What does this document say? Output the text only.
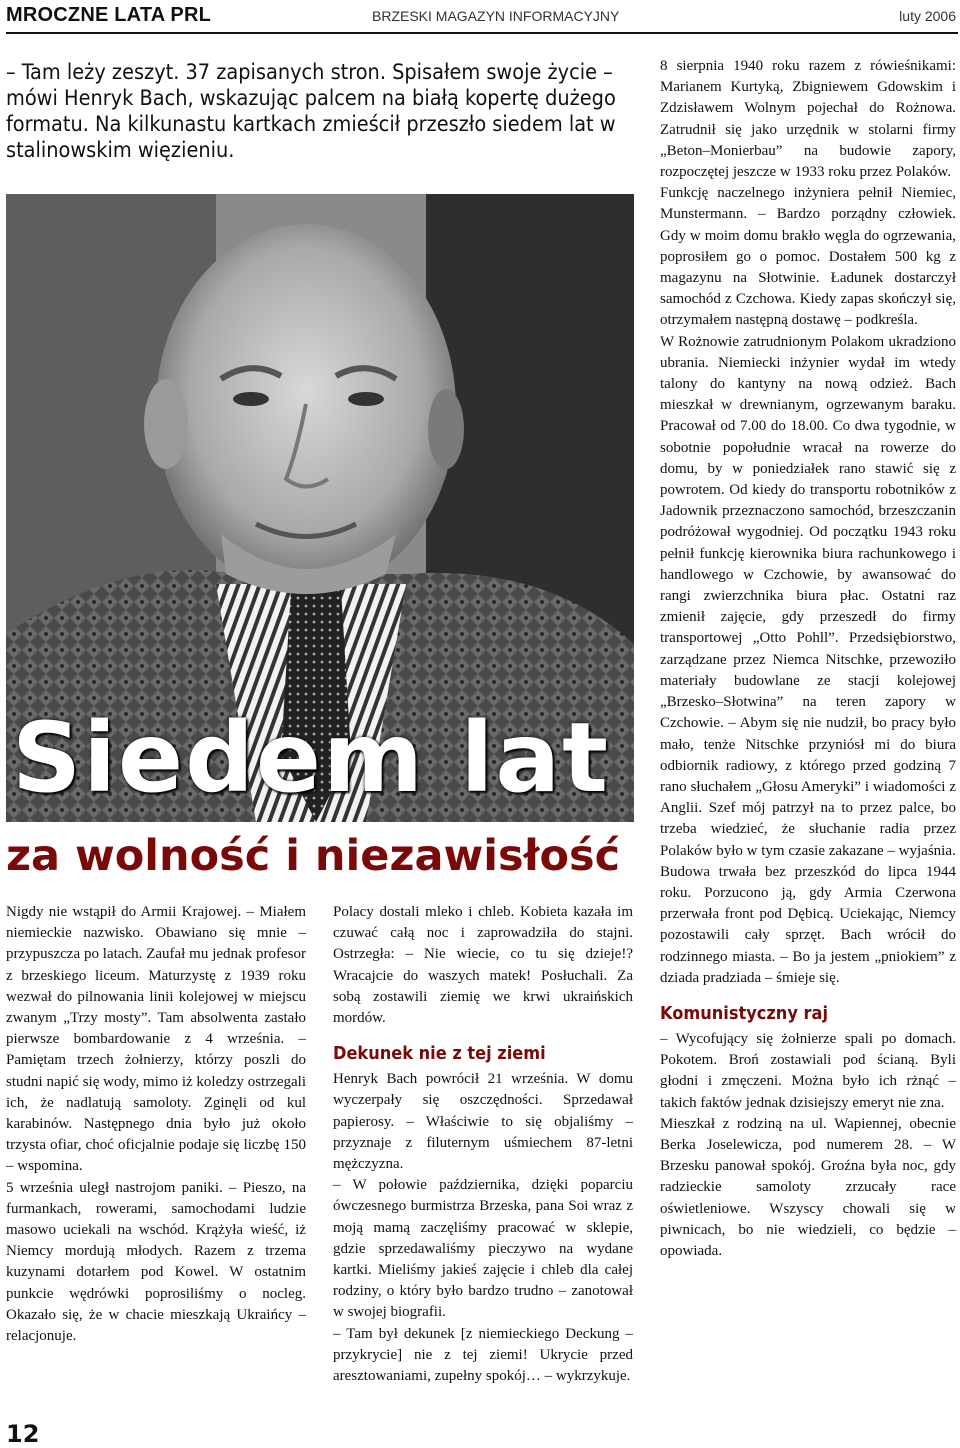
MROCZNE LATA PRL	BRZESKI MAGAZYN INFORMACYJNY	luty 2006
– Tam leży zeszyt. 37 zapisanych stron. Spisałem swoje życie – mówi Henryk Bach, wskazując palcem na białą kopertę dużego formatu. Na kilkunastu kartkach zmieścił przeszło siedem lat w stalinowskim więzieniu.
Siedem lat
za wolność i niezawisłość

Nigdy nie wstąpił do Armii Krajowej. – Miałem niemieckie nazwisko. Obawiano się mnie – przypuszcza po latach. Zaufał mu jednak profesor z brzeskiego liceum. Maturzystę z 1939 roku wezwał do pilnowania linii kolejowej w miejscu zwanym „Trzy mosty”. Tam absolwenta zastało pierwsze bombardowanie z 4 września. – Pamiętam trzech żołnierzy, którzy poszli do studni napić się wody, mimo iż koledzy ostrzegali ich, że nadlatują samoloty. Zginęli od kul karabinów. Następnego dnia było już około trzysta ofiar, choć oficjalnie podaje się liczbę 150 – wspomina.

5 września uległ nastrojom paniki. – Pieszo, na furmankach, rowerami, samochodami ludzie masowo uciekali na wschód. Krążyła wieść, iż Niemcy mordują młodych. Razem z trzema kuzynami dotarłem pod Kowel. W ostatnim punkcie wędrówki poprosiliśmy o nocleg. Okazało się, że w chacie mieszkają Ukraińcy – relacjonuje.

Polacy dostali mleko i chleb. Kobieta kazała im czuwać całą noc i zaprowadziła do stajni. Ostrzegła: – Nie wiecie, co tu się dzieje!? Wracajcie do waszych matek! Posłuchali. Za sobą zostawili ziemię we krwi ukraińskich mordów.

Dekunek nie z tej ziemi

Henryk Bach powrócił 21 września. W domu wyczerpały się oszczędności. Sprzedawał papierosy. – Właściwie to się objaliśmy – przyznaje z filuternym uśmiechem 87-letni mężczyzna.

– W połowie października, dzięki poparciu ówczesnego burmistrza Brzeska, pana Soi wraz z moją mamą zaczęliśmy pracować w sklepie, gdzie sprzedawaliśmy pieczywo na wydane kartki. Mieliśmy jakieś zajęcie i chleb dla całej rodziny, o który było bardzo trudno – zanotował w swojej biografii.

– Tam był dekunek [z niemieckiego Deckung – przykrycie] nie z tej ziemi! Ukrycie przed aresztowaniami, zupełny spokój… – wykrzykuje.

8 sierpnia 1940 roku razem z rówieśnikami: Marianem Kurtyką, Zbigniewem Gdowskim i Zdzisławem Wolnym pojechał do Rożnowa. Zatrudnił się jako urzędnik w stolarni firmy „Beton–Monierbau” na budowie zapory, rozpoczętej jeszcze w 1933 roku przez Polaków.

Funkcję naczelnego inżyniera pełnił Niemiec, Munstermann. – Bardzo porządny człowiek. Gdy w moim domu brakło węgla do ogrzewania, poprosiłem go o pomoc. Dostałem 500 kg z magazynu na Słotwinie. Ładunek dostarczył samochód z Czchowa. Kiedy zapas skończył się, otrzymałem następną dostawę – podkreśla.

W Rożnowie zatrudnionym Polakom ukradziono ubrania. Niemiecki inżynier wydał im wtedy talony do kantyny na nową odzież. Bach mieszkał w drewnianym, ogrzewanym baraku. Pracował od 7.00 do 18.00. Co dwa tygodnie, w sobotnie popołudnie wracał na rowerze do domu, by w poniedziałek rano stawić się z powrotem. Od kiedy do transportu robotników z Jadownik przeznaczono samochód, brzeszczanin podróżował wygodniej. Od początku 1943 roku pełnił funkcję kierownika biura rachunkowego i handlowego w Czchowie, by awansować do rangi zwierzchnika biura płac. Ostatni raz zmienił zajęcie, gdy przeszedł do firmy transportowej „Otto Pohll”. Przedsiębiorstwo, zarządzane przez Niemca Nitschke, przewoziło materiały budowlane ze stacji kolejowej „Brzesko–Słotwina” na teren zapory w Czchowie. – Abym się nie nudził, bo pracy było mało, tenże Nitschke przyniósł mi do biura odbiornik radiowy, z którego przed godziną 7 rano słuchałem „Głosu Ameryki” i wiadomości z Anglii. Szef mój patrzył na to przez palce, bo trzeba wiedzieć, że słuchanie radia przez Polaków było w tym czasie zakazane – wyjaśnia.

Budowa trwała bez przeszkód do lipca 1944 roku. Porzucono ją, gdy Armia Czerwona przerwała front pod Dębicą. Uciekając, Niemcy pozostawili cały sprzęt. Bach wrócił do rodzinnego miasta. – Bo ja jestem „pniokiem” z dziada pradziada – śmieje się.

Komunistyczny raj

– Wycofujący się żołnierze spali po domach. Pokotem. Broń zostawiali pod ścianą. Byli głodni i zmęczeni. Można było ich rżnąć – takich faktów jednak dzisiejszy emeryt nie zna.

Mieszkał z rodziną na ul. Wapiennej, obecnie Berka Joselewicza, pod numerem 28. – W Brzesku panował spokój. Groźna była noc, gdy radzieckie samoloty zrzucały race oświetleniowe. Wszyscy chowali się w piwnicach, bo nie wiedzieli, co będzie – opowiada.

12
